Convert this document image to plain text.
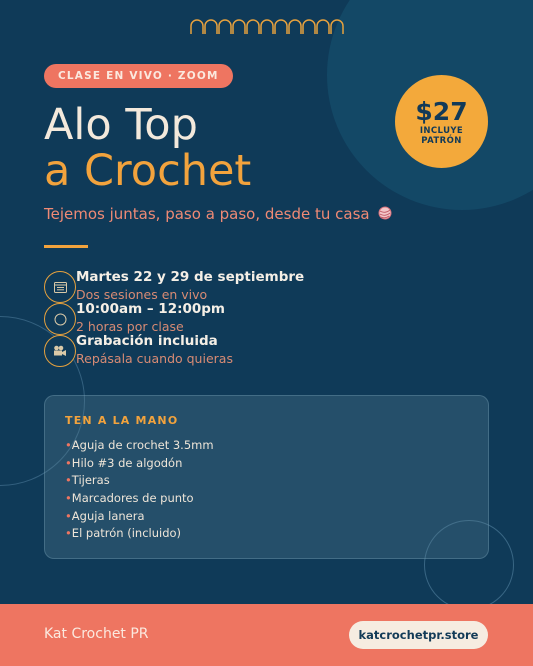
CLASE EN VIVO · ZOOM
Alo Top
a Crochet
$27
INCLUYE PATRÓN
Tejemos juntas, paso a paso, desde tu casa
Martes 22 y 29 de septiembre
Dos sesiones en vivo
10:00am – 12:00pm
2 horas por clase
Grabación incluida
Repásala cuando quieras
TEN A LA MANO
•Aguja de crochet 3.5mm
•Hilo #3 de algodón
•Tijeras
•Marcadores de punto
•Aguja lanera
•El patrón (incluido)
Kat Crochet PR	katcrochetpr.store
